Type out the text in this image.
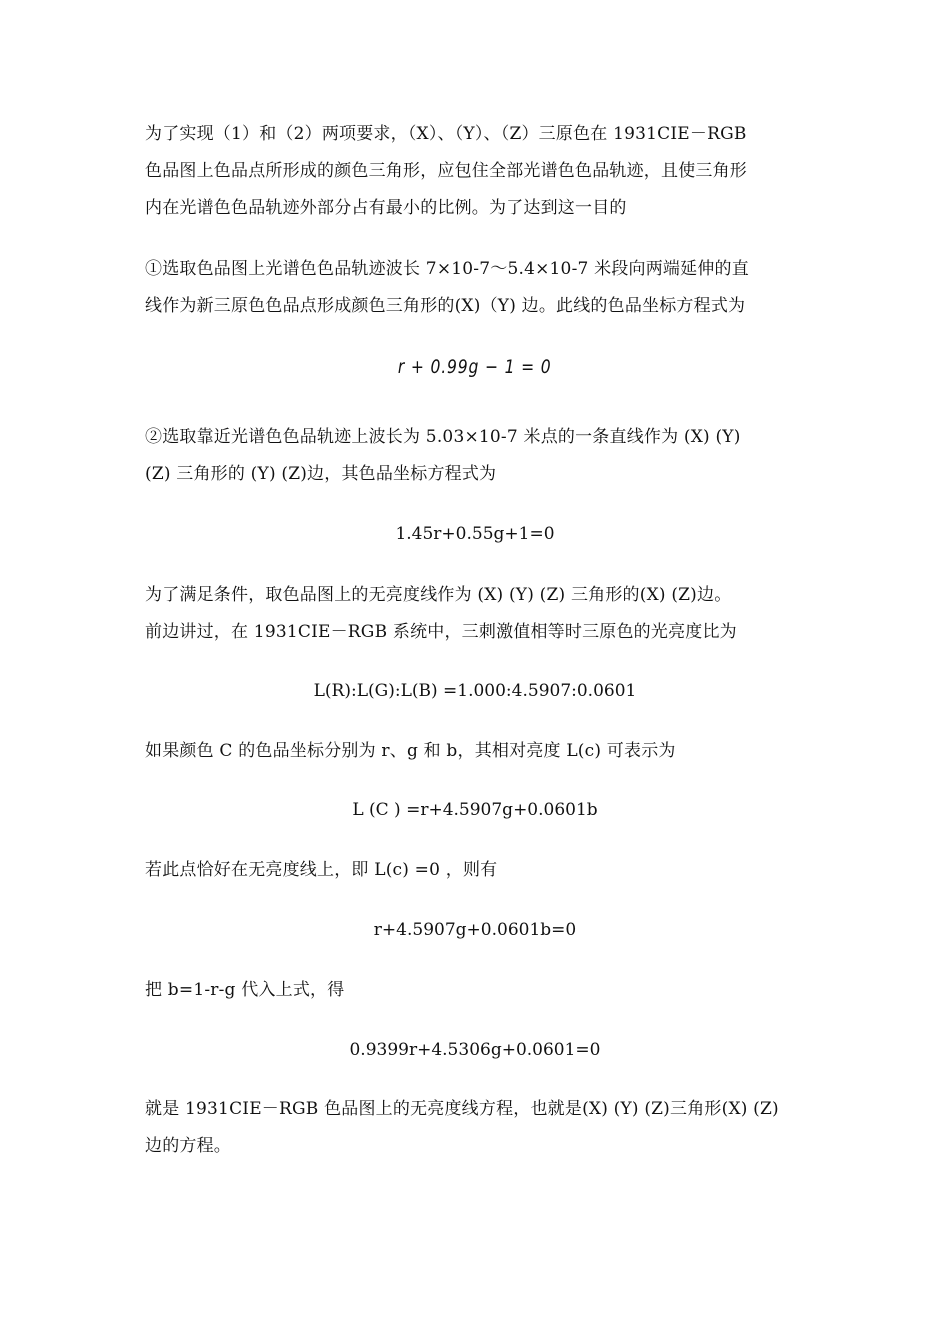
为了实现（1）和（2）两项要求，（X）、（Y）、（Z）三原色在 1931CIE－RGB
色品图上色品点所形成的颜色三角形，应包住全部光谱色色品轨迹，且使三角形
内在光谱色色品轨迹外部分占有最小的比例。为了达到这一目的
①选取色品图上光谱色色品轨迹波长 7×10-7～5.4×10-7 米段向两端延伸的直
线作为新三原色色品点形成颜色三角形的(X)（Y) 边。此线的色品坐标方程式为
r + 0.99g − 1 = 0
②选取靠近光谱色色品轨迹上波长为 5.03×10-7 米点的一条直线作为 (X) (Y)
(Z) 三角形的 (Y) (Z)边，其色品坐标方程式为
1.45r+0.55g+1=0
为了满足条件，取色品图上的无亮度线作为 (X) (Y) (Z) 三角形的(X) (Z)边。
前边讲过，在 1931CIE－RGB 系统中，三刺激值相等时三原色的光亮度比为
L(R):L(G):L(B) =1.000:4.5907:0.0601
如果颜色 C 的色品坐标分别为 r、g 和 b，其相对亮度 L(c) 可表示为
L (C ) =r+4.5907g+0.0601b
若此点恰好在无亮度线上，即 L(c) =0 ，则有
r+4.5907g+0.0601b=0
把 b=1-r-g 代入上式，得
0.9399r+4.5306g+0.0601=0
就是 1931CIE－RGB 色品图上的无亮度线方程，也就是(X) (Y) (Z)三角形(X) (Z)
边的方程。
